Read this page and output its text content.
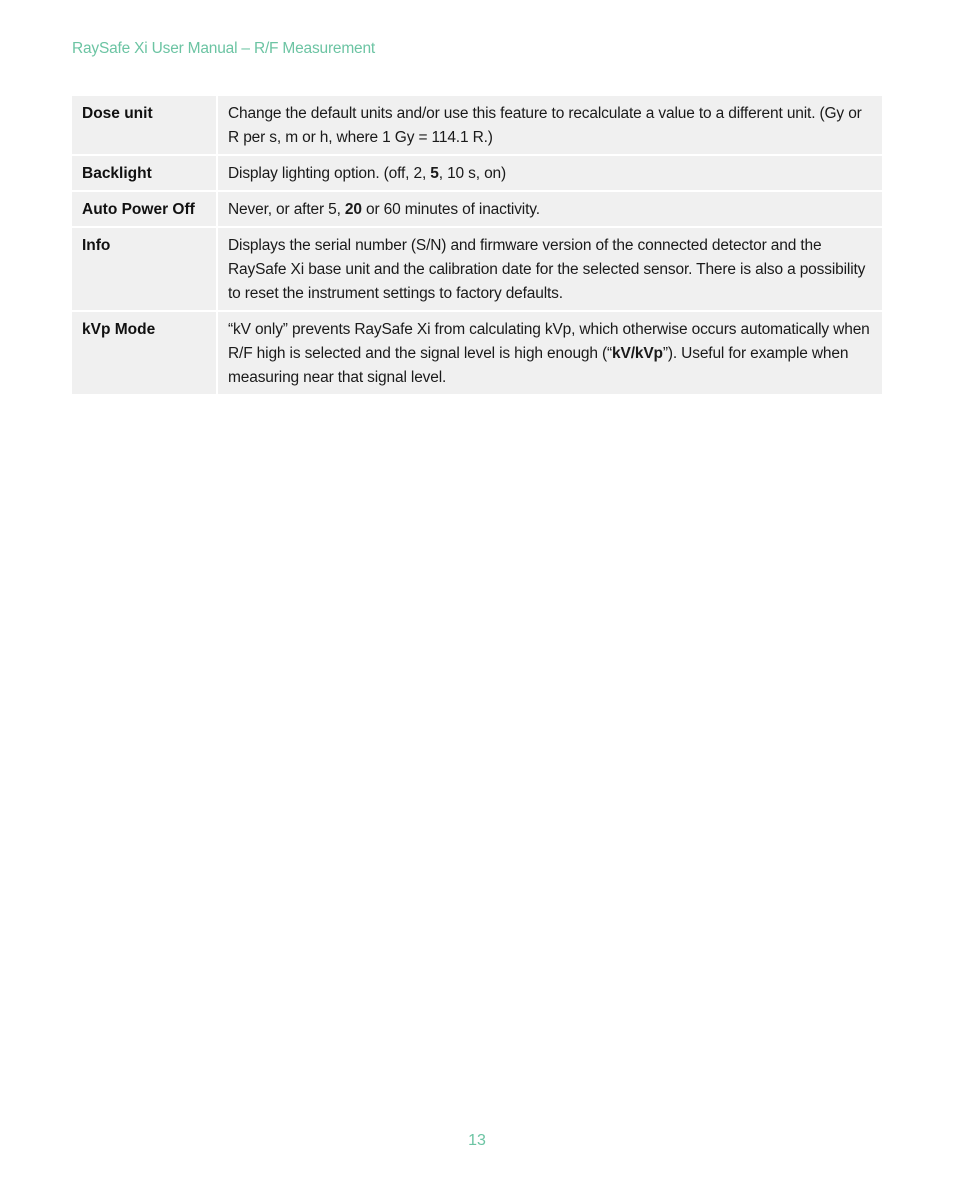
RaySafe Xi User Manual – R/F Measurement
Dose unit	Change the default units and/or use this feature to recalculate a value to a different unit. (Gy or R per s, m or h, where 1 Gy = 114.1 R.)
Backlight	Display lighting option. (off, 2, 5, 10 s, on)
Auto Power Off	Never, or after 5, 20 or 60 minutes of inactivity.
Info	Displays the serial number (S/N) and firmware version of the connected detector and the RaySafe Xi base unit and the calibration date for the selected sensor. There is also a possibility to reset the instrument settings to factory defaults.
kVp Mode	“kV only” prevents RaySafe Xi from calculating kVp, which otherwise occurs automatically when R/F high is selected and the signal level is high enough (“kV/kVp”). Useful for example when measuring near that signal level.
13
